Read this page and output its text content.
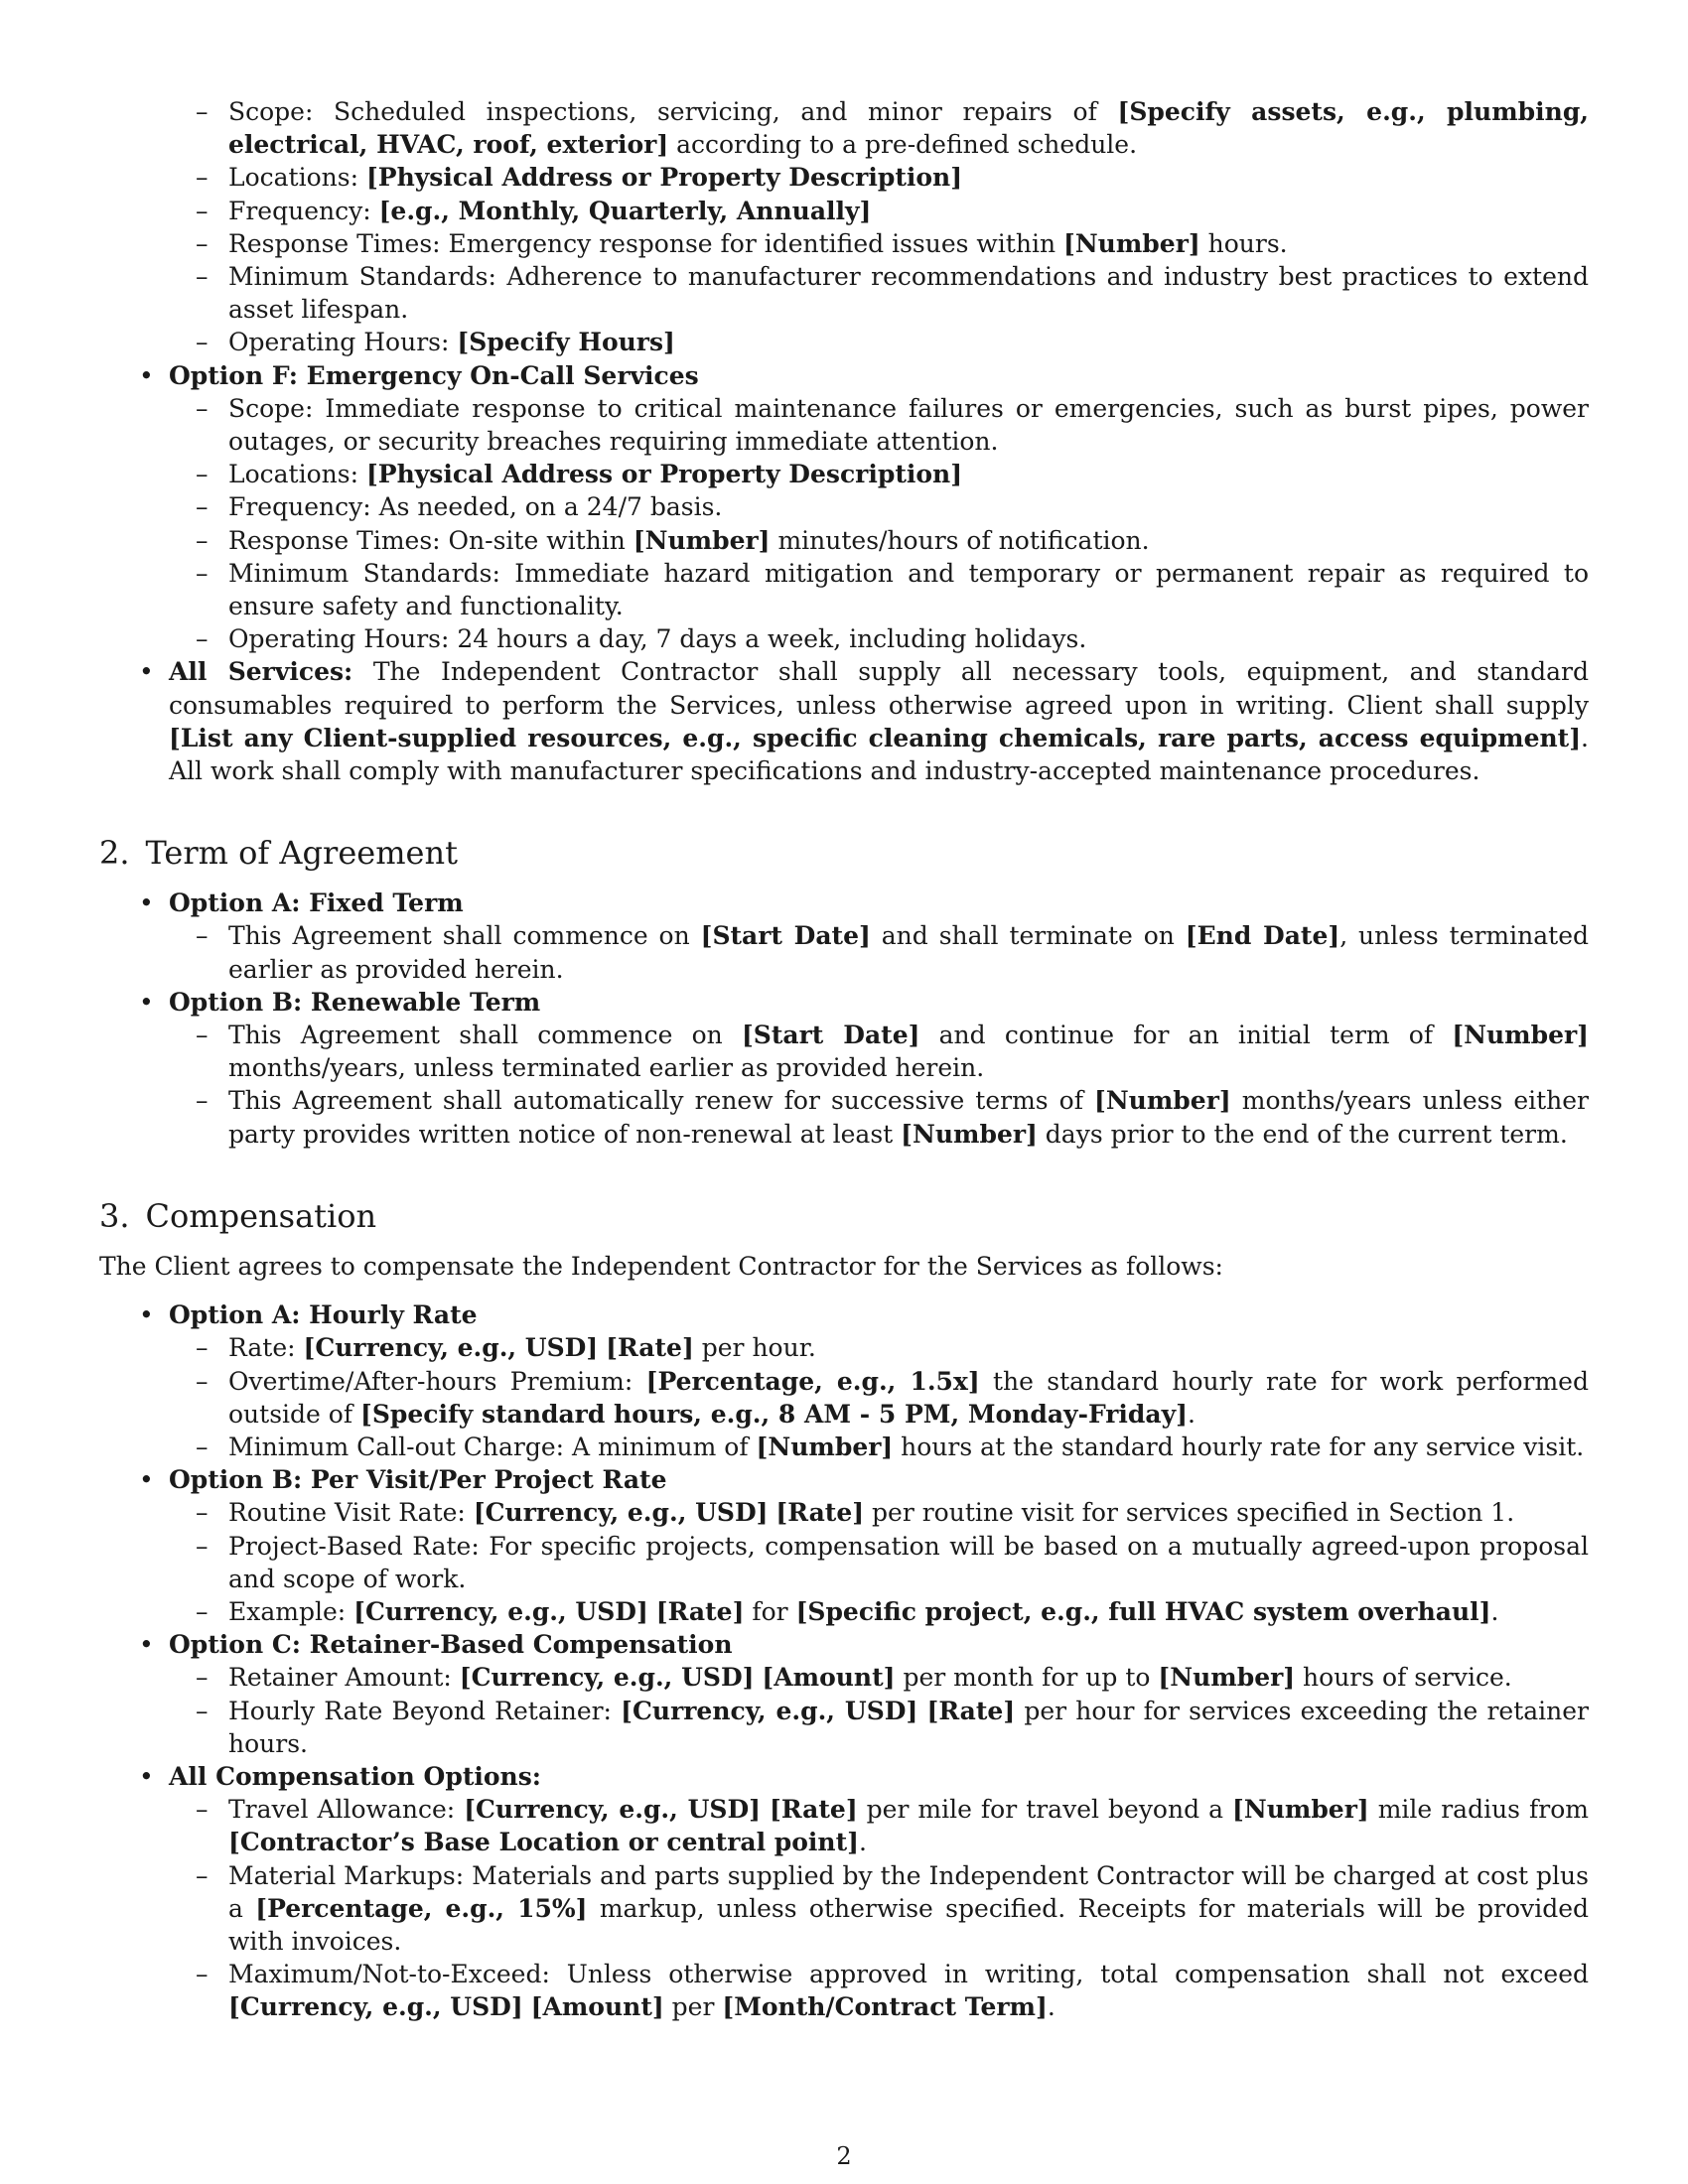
– Scope: Scheduled inspections, servicing, and minor repairs of [Specify assets, e.g., plumbing, electrical, HVAC, roof, exterior] according to a pre-defined schedule.
– Locations: [Physical Address or Property Description]
– Frequency: [e.g., Monthly, Quarterly, Annually]
– Response Times: Emergency response for identified issues within [Number] hours.
– Minimum Standards: Adherence to manufacturer recommendations and industry best practices to extend asset lifespan.
– Operating Hours: [Specify Hours]
• Option F: Emergency On-Call Services
– Scope: Immediate response to critical maintenance failures or emergencies, such as burst pipes, power outages, or security breaches requiring immediate attention.
– Locations: [Physical Address or Property Description]
– Frequency: As needed, on a 24/7 basis.
– Response Times: On-site within [Number] minutes/hours of notification.
– Minimum Standards: Immediate hazard mitigation and temporary or permanent repair as required to ensure safety and functionality.
– Operating Hours: 24 hours a day, 7 days a week, including holidays.
• All Services: The Independent Contractor shall supply all necessary tools, equipment, and standard consumables required to perform the Services, unless otherwise agreed upon in writing. Client shall supply [List any Client-supplied resources, e.g., specific cleaning chemicals, rare parts, access equipment]. All work shall comply with manufacturer specifications and industry-accepted maintenance procedures.
2. Term of Agreement
• Option A: Fixed Term
– This Agreement shall commence on [Start Date] and shall terminate on [End Date], unless terminated earlier as provided herein.
• Option B: Renewable Term
– This Agreement shall commence on [Start Date] and continue for an initial term of [Number] months/years, unless terminated earlier as provided herein.
– This Agreement shall automatically renew for successive terms of [Number] months/years unless either party provides written notice of non-renewal at least [Number] days prior to the end of the current term.
3. Compensation

The Client agrees to compensate the Independent Contractor for the Services as follows:

• Option A: Hourly Rate
– Rate: [Currency, e.g., USD] [Rate] per hour.
– Overtime/After-hours Premium: [Percentage, e.g., 1.5x] the standard hourly rate for work performed outside of [Specify standard hours, e.g., 8 AM - 5 PM, Monday-Friday].
– Minimum Call-out Charge: A minimum of [Number] hours at the standard hourly rate for any service visit.
• Option B: Per Visit/Per Project Rate
– Routine Visit Rate: [Currency, e.g., USD] [Rate] per routine visit for services specified in Section 1.
– Project-Based Rate: For specific projects, compensation will be based on a mutually agreed-upon proposal and scope of work.
– Example: [Currency, e.g., USD] [Rate] for [Specific project, e.g., full HVAC system overhaul].
• Option C: Retainer-Based Compensation
– Retainer Amount: [Currency, e.g., USD] [Amount] per month for up to [Number] hours of service.
– Hourly Rate Beyond Retainer: [Currency, e.g., USD] [Rate] per hour for services exceeding the retainer hours.
• All Compensation Options:
– Travel Allowance: [Currency, e.g., USD] [Rate] per mile for travel beyond a [Number] mile radius from [Contractor’s Base Location or central point].
– Material Markups: Materials and parts supplied by the Independent Contractor will be charged at cost plus a [Percentage, e.g., 15%] markup, unless otherwise specified. Receipts for materials will be provided with invoices.
– Maximum/Not-to-Exceed: Unless otherwise approved in writing, total compensation shall not exceed [Currency, e.g., USD] [Amount] per [Month/Contract Term].
2
